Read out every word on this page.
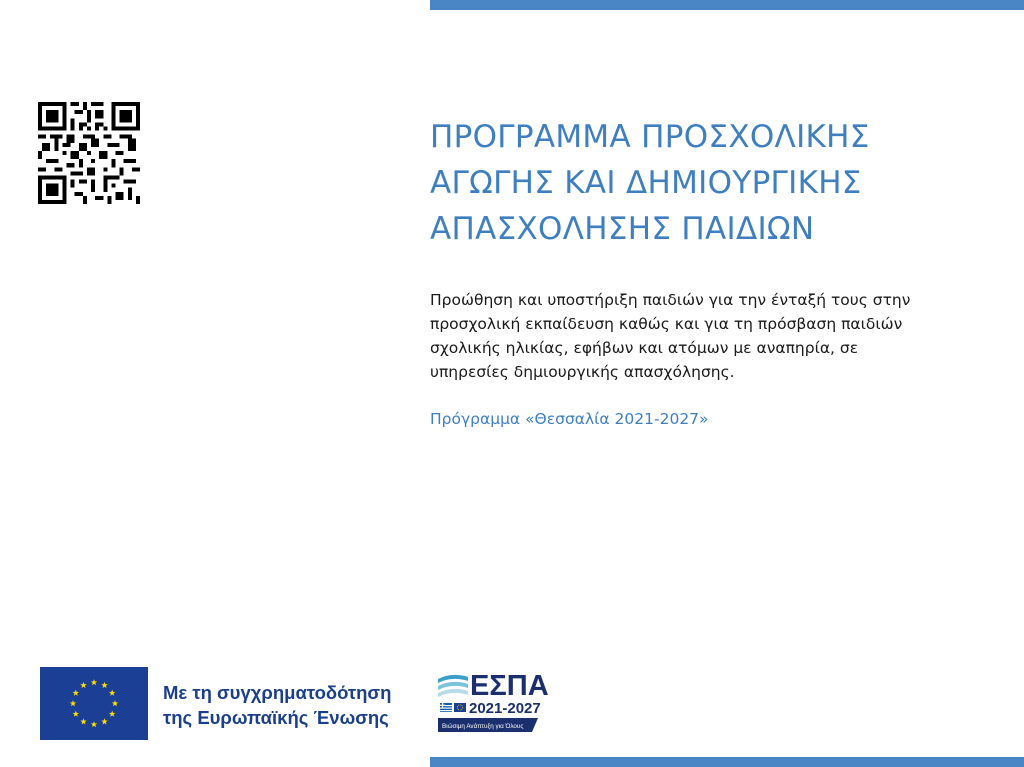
ΠΡΟΓΡΑΜΜΑ ΠΡΟΣΧΟΛΙΚΗΣ
ΑΓΩΓΗΣ ΚΑΙ ΔΗΜΙΟΥΡΓΙΚΗΣ
ΑΠΑΣΧΟΛΗΣΗΣ ΠΑΙΔΙΩΝ
Προώθηση και υποστήριξη παιδιών για την ένταξή τους στην
προσχολική εκπαίδευση καθώς και για τη πρόσβαση παιδιών
σχολικής ηλικίας, εφήβων και ατόμων με αναπηρία, σε
υπηρεσίες δημιουργικής απασχόλησης.
Πρόγραμμα «Θεσσαλία 2021-2027»
Με τη συγχρηματοδότηση
της Ευρωπαϊκής Ένωσης
ΕΣΠΑ
2021-2027
Βιώσιμη Ανάπτυξη για Όλους
